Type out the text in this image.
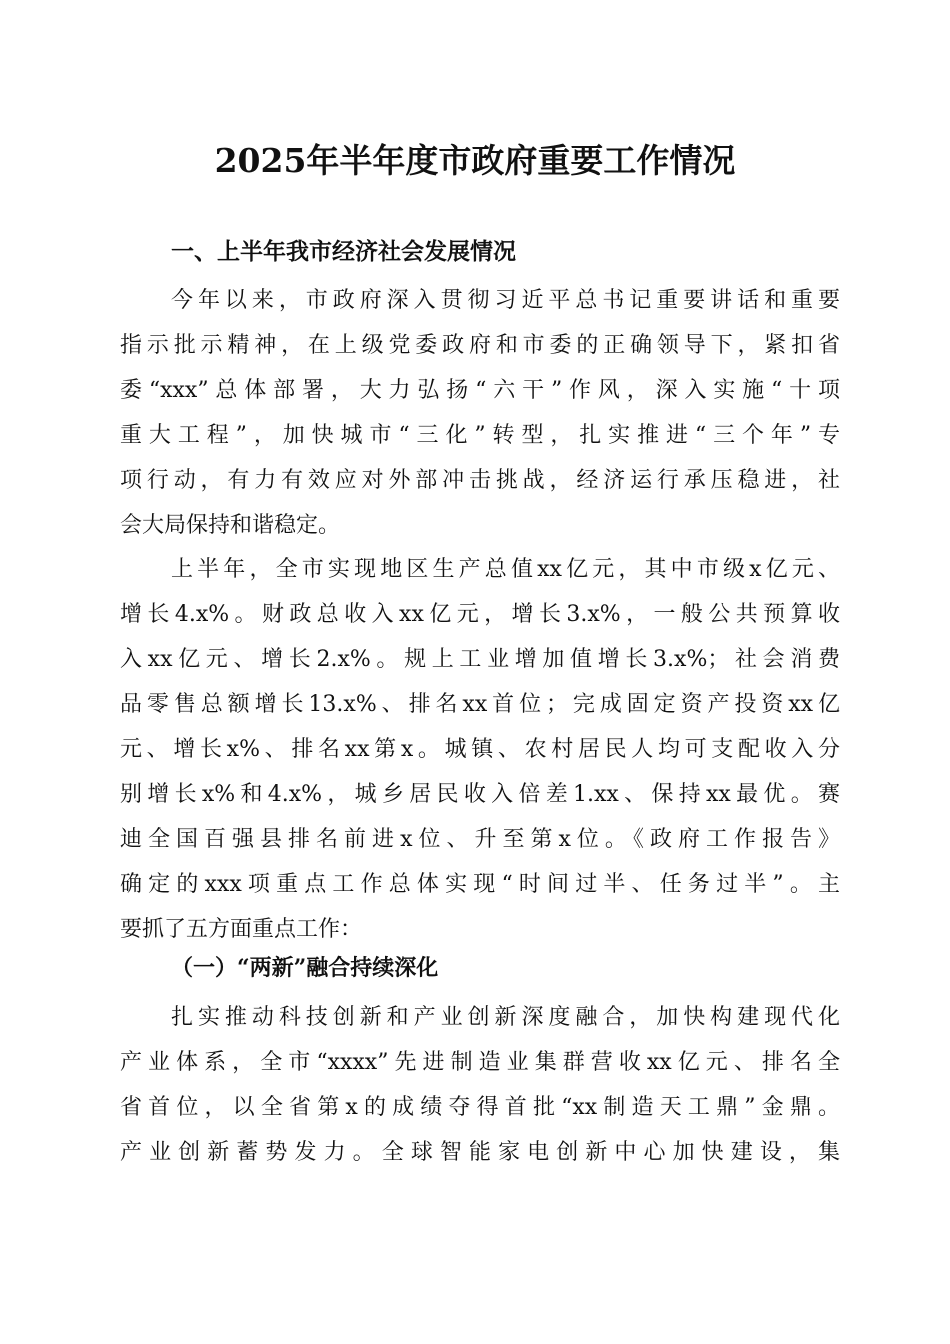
2025年半年度市政府重要工作情况
一、上半年我市经济社会发展情况

今年以来，市政府深入贯彻习近平总书记重要讲话和重要
指示批示精神，在上级党委政府和市委的正确领导下，紧扣省
委“xxx”总体部署，大力弘扬“六干”作风，深入实施“十项
重大工程”，加快城市“三化”转型，扎实推进“三个年”专
项行动，有力有效应对外部冲击挑战，经济运行承压稳进，社
会大局保持和谐稳定。

上半年，全市实现地区生产总值xx亿元，其中市级x亿元、
增长4.x%。财政总收入xx亿元，增长3.x%，一般公共预算收
入xx亿元、增长2.x%。规上工业增加值增长3.x%；社会消费
品零售总额增长13.x%、排名xx首位；完成固定资产投资xx亿
元、增长x%、排名xx第x。城镇、农村居民人均可支配收入分
别增长x%和4.x%，城乡居民收入倍差1.xx、保持xx最优。赛
迪全国百强县排名前进x位、升至第x位。《政府工作报告》
确定的xxx项重点工作总体实现“时间过半、任务过半”。主
要抓了五方面重点工作：

（一）“两新”融合持续深化

扎实推动科技创新和产业创新深度融合，加快构建现代化
产业体系，全市“xxxx”先进制造业集群营收xx亿元、排名全
省首位，以全省第x的成绩夺得首批“xx制造天工鼎”金鼎。
产业创新蓄势发力。全球智能家电创新中心加快建设，集
